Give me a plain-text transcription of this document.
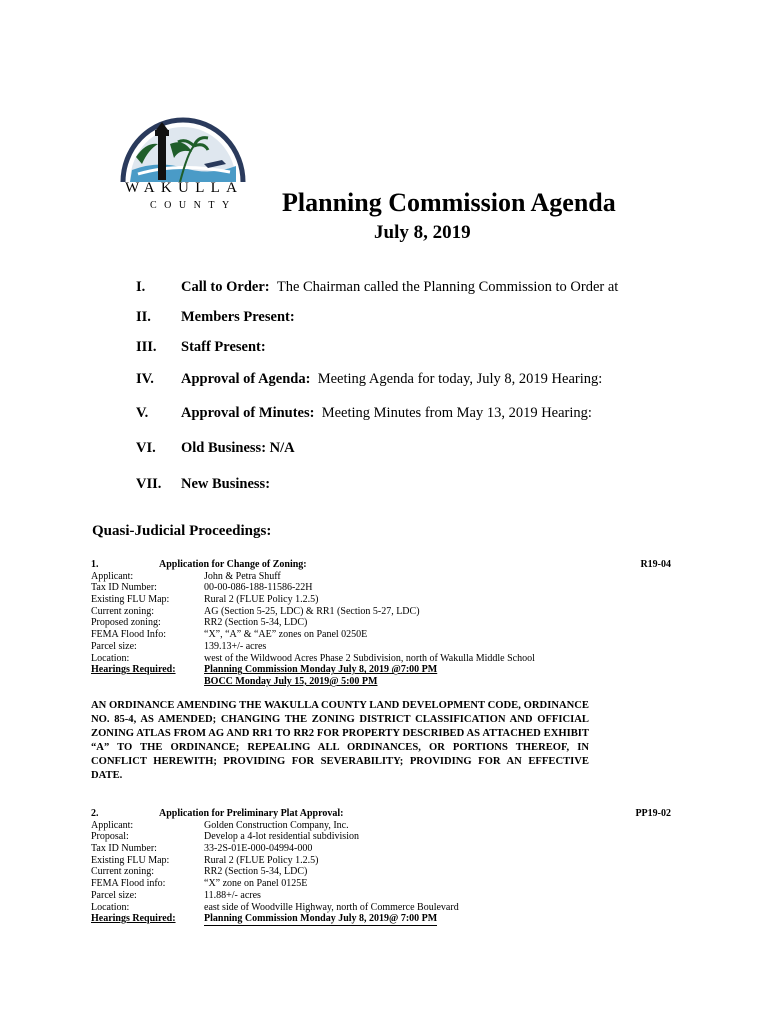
WAKULLA
COUNTY Planning Commission Agenda
July 8, 2019
I. Call to Order: The Chairman called the Planning Commission to Order at
II. Members Present:
III. Staff Present:
IV. Approval of Agenda: Meeting Agenda for today, July 8, 2019 Hearing:
V. Approval of Minutes: Meeting Minutes from May 13, 2019 Hearing:
VI. Old Business: N/A
VII. New Business:
Quasi-Judicial Proceedings:
1.	Application for Change of Zoning:	R19-04
Applicant:	John & Petra Shuff
Tax ID Number:	00-00-086-188-11586-22H
Existing FLU Map:	Rural 2 (FLUE Policy 1.2.5)
Current zoning:	AG (Section 5-25, LDC) & RR1 (Section 5-27, LDC)
Proposed zoning:	RR2 (Section 5-34, LDC)
FEMA Flood Info:	“X”, “A” & “AE” zones on Panel 0250E
Parcel size:	139.13+/- acres
Location:	west of the Wildwood Acres Phase 2 Subdivision, north of Wakulla Middle School
Hearings Required:	Planning Commission Monday July 8, 2019 @7:00 PM
BOCC Monday July 15, 2019@ 5:00 PM
AN ORDINANCE AMENDING THE WAKULLA COUNTY LAND DEVELOPMENT CODE, ORDINANCE NO. 85-4, AS AMENDED; CHANGING THE ZONING DISTRICT CLASSIFICATION AND OFFICIAL ZONING ATLAS FROM AG AND RR1 TO RR2 FOR PROPERTY DESCRIBED AS ATTACHED EXHIBIT “A” TO THE ORDINANCE; REPEALING ALL ORDINANCES, OR PORTIONS THEREOF, IN CONFLICT HEREWITH; PROVIDING FOR SEVERABILITY; PROVIDING FOR AN EFFECTIVE DATE.
2.	Application for Preliminary Plat Approval:	PP19-02
Applicant:	Golden Construction Company, Inc.
Proposal:	Develop a 4-lot residential subdivision
Tax ID Number:	33-2S-01E-000-04994-000
Existing FLU Map:	Rural 2 (FLUE Policy 1.2.5)
Current zoning:	RR2 (Section 5-34, LDC)
FEMA Flood info:	“X” zone on Panel 0125E
Parcel size:	11.88+/- acres
Location:	east side of Woodville Highway, north of Commerce Boulevard
Hearings Required:	Planning Commission Monday July 8, 2019@ 7:00 PM
